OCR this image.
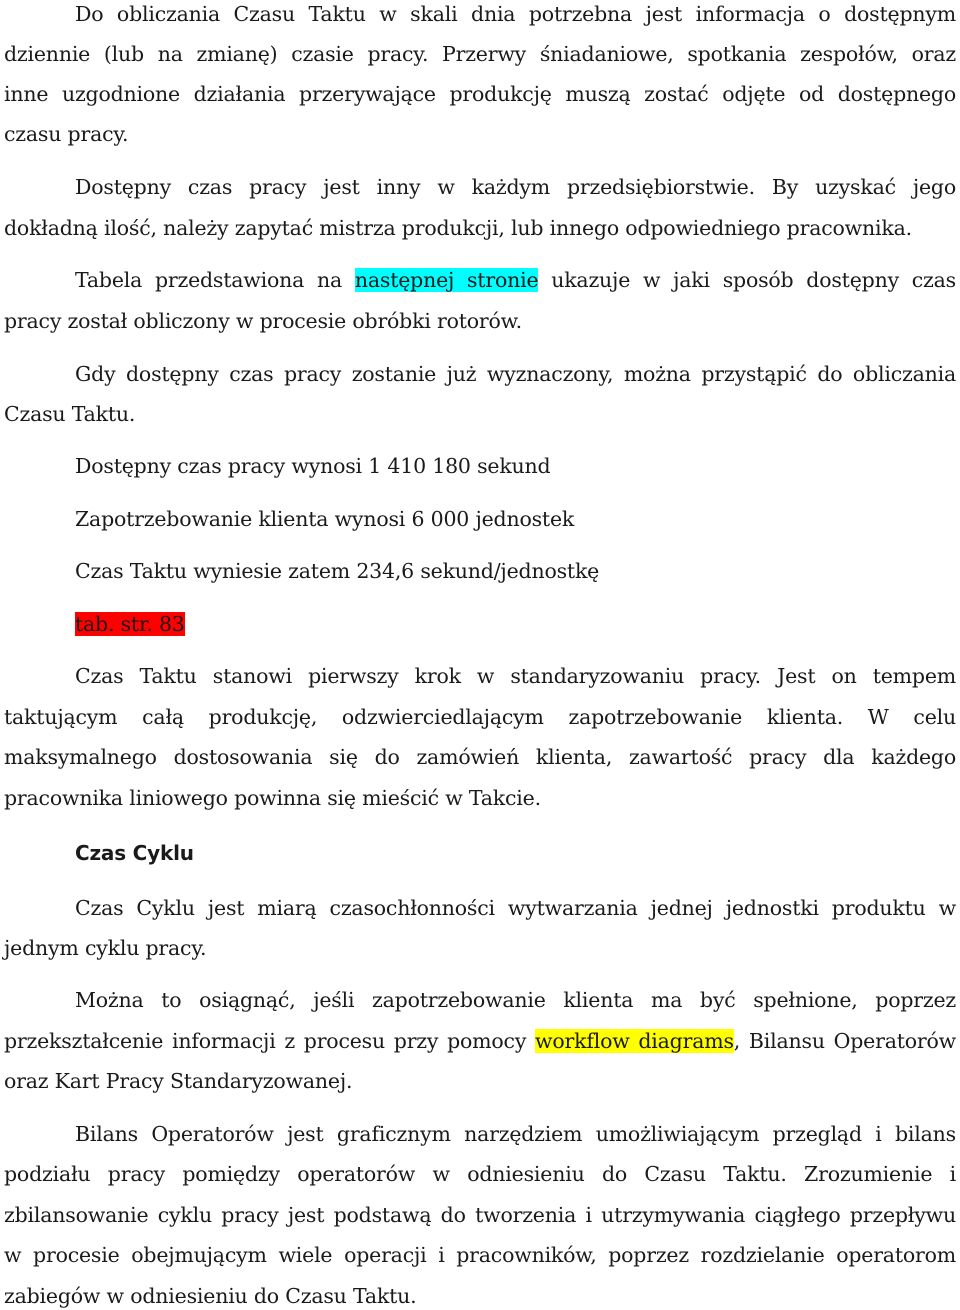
Do obliczania Czasu Taktu w skali dnia potrzebna jest informacja o dostępnym
dziennie (lub na zmianę) czasie pracy. Przerwy śniadaniowe, spotkania zespołów, oraz
inne uzgodnione działania przerywające produkcję muszą zostać odjęte od dostępnego
czasu pracy.
Dostępny czas pracy jest inny w każdym przedsiębiorstwie. By uzyskać jego
dokładną ilość, należy zapytać mistrza produkcji, lub innego odpowiedniego pracownika.
Tabela przedstawiona na następnej stronie ukazuje w jaki sposób dostępny czas
pracy został obliczony w procesie obróbki rotorów.
Gdy dostępny czas pracy zostanie już wyznaczony, można przystąpić do obliczania
Czasu Taktu.
Dostępny czas pracy wynosi 1 410 180 sekund
Zapotrzebowanie klienta wynosi 6 000 jednostek
Czas Taktu wyniesie zatem 234,6 sekund/jednostkę
tab. str. 83
Czas Taktu stanowi pierwszy krok w standaryzowaniu pracy. Jest on tempem
taktującym całą produkcję, odzwierciedlającym zapotrzebowanie klienta. W celu
maksymalnego dostosowania się do zamówień klienta, zawartość pracy dla każdego
pracownika liniowego powinna się mieścić w Takcie.
Czas Cyklu
Czas Cyklu jest miarą czasochłonności wytwarzania jednej jednostki produktu w
jednym cyklu pracy.
Można to osiągnąć, jeśli zapotrzebowanie klienta ma być spełnione, poprzez
przekształcenie informacji z procesu przy pomocy workflow diagrams, Bilansu Operatorów
oraz Kart Pracy Standaryzowanej.
Bilans Operatorów jest graficznym narzędziem umożliwiającym przegląd i bilans
podziału pracy pomiędzy operatorów w odniesieniu do Czasu Taktu. Zrozumienie i
zbilansowanie cyklu pracy jest podstawą do tworzenia i utrzymywania ciągłego przepływu
w procesie obejmującym wiele operacji i pracowników, poprzez rozdzielanie operatorom
zabiegów w odniesieniu do Czasu Taktu.
